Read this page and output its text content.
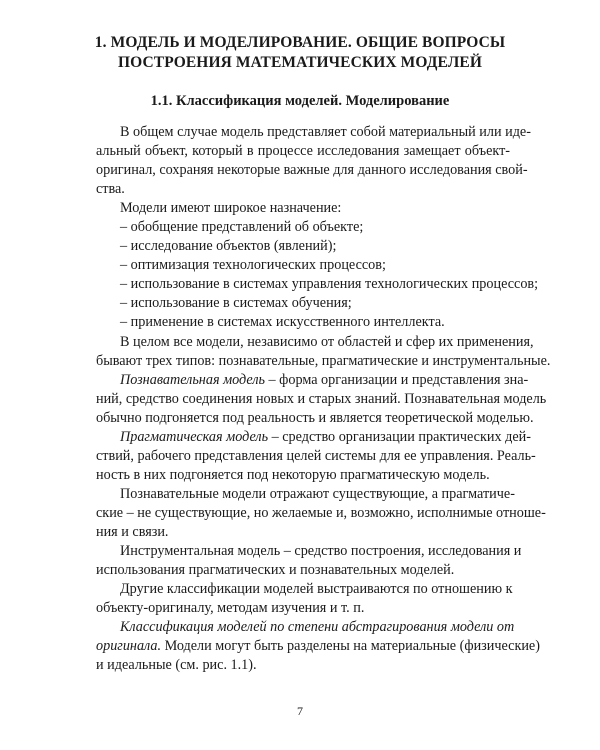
1. МОДЕЛЬ И МОДЕЛИРОВАНИЕ. ОБЩИЕ ВОПРОСЫ
ПОСТРОЕНИЯ МАТЕМАТИЧЕСКИХ МОДЕЛЕЙ
1.1. Классификация моделей. Моделирование
В общем случае модель представляет собой материальный или иде-
альный объект, который в процессе исследования замещает объект-
оригинал, сохраняя некоторые важные для данного исследования свой-
ства.
Модели имеют широкое назначение:
– обобщение представлений об объекте;
– исследование объектов (явлений);
– оптимизация технологических процессов;
– использование в системах управления технологических процессов;
– использование в системах обучения;
– применение в системах искусственного интеллекта.
В целом все модели, независимо от областей и сфер их применения,
бывают трех типов: познавательные, прагматические и инструментальные.
Познавательная модель – форма организации и представления зна-
ний, средство соединения новых и старых знаний. Познавательная модель
обычно подгоняется под реальность и является теоретической моделью.
Прагматическая модель – средство организации практических дей-
ствий, рабочего представления целей системы для ее управления. Реаль-
ность в них подгоняется под некоторую прагматическую модель.
Познавательные модели отражают существующие, а прагматиче-
ские – не существующие, но желаемые и, возможно, исполнимые отноше-
ния и связи.
Инструментальная модель – средство построения, исследования и
использования прагматических и познавательных моделей.
Другие классификации моделей выстраиваются по отношению к
объекту-оригиналу, методам изучения и т. п.
Классификация моделей по степени абстрагирования модели от
оригинала. Модели могут быть разделены на материальные (физические)
и идеальные (см. рис. 1.1).
7
